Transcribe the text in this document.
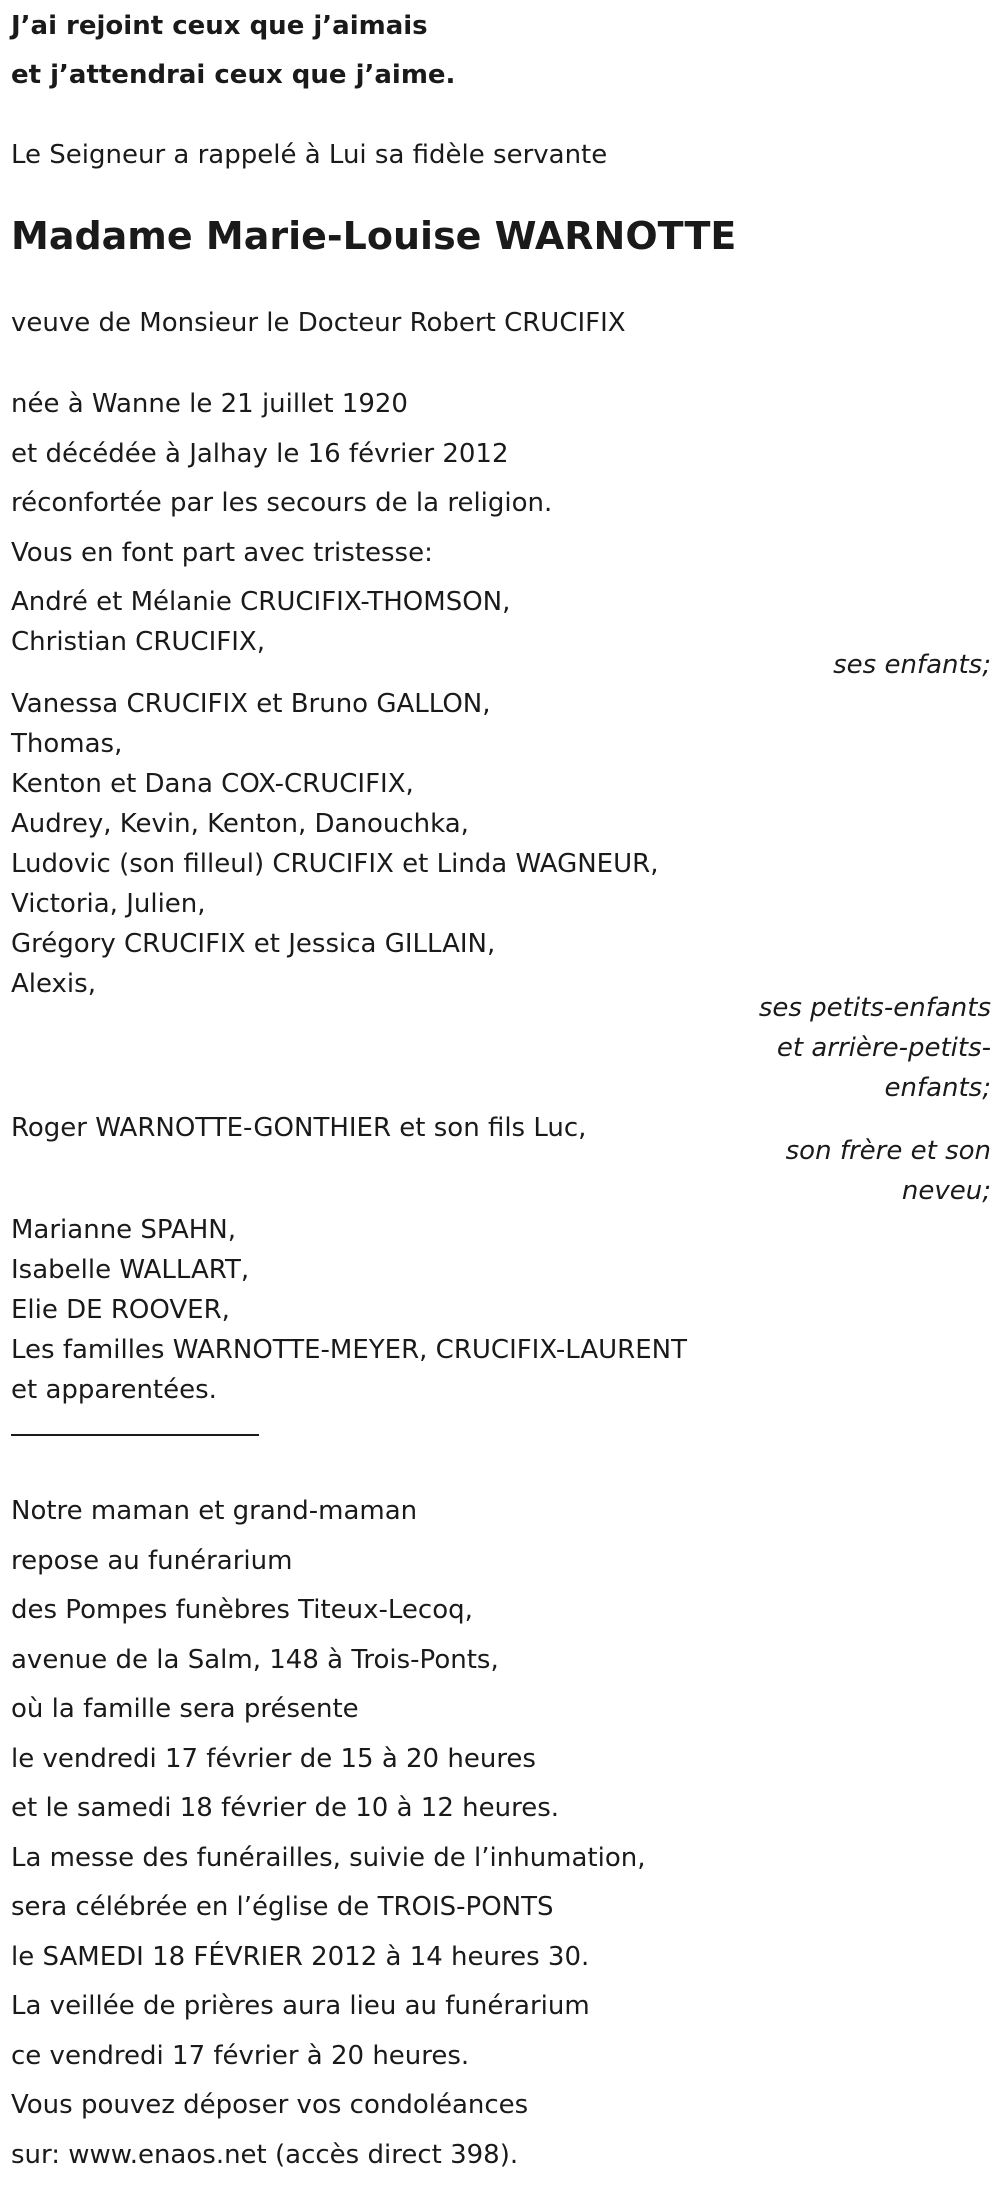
J’ai rejoint ceux que j’aimais
et j’attendrai ceux que j’aime.
Le Seigneur a rappelé à Lui sa fidèle servante
Madame Marie-Louise WARNOTTE
veuve de Monsieur le Docteur Robert CRUCIFIX
née à Wanne le 21 juillet 1920
et décédée à Jalhay le 16 février 2012
réconfortée par les secours de la religion.
Vous en font part avec tristesse:
André et Mélanie CRUCIFIX-THOMSON,
Christian CRUCIFIX,
ses enfants;
Vanessa CRUCIFIX et Bruno GALLON,
Thomas,
Kenton et Dana COX-CRUCIFIX,
Audrey, Kevin, Kenton, Danouchka,
Ludovic (son filleul) CRUCIFIX et Linda WAGNEUR,
Victoria, Julien,
Grégory CRUCIFIX et Jessica GILLAIN,
Alexis,
ses petits-enfants
et arrière-petits-
enfants;
Roger WARNOTTE-GONTHIER et son fils Luc,
son frère et son
neveu;
Marianne SPAHN,
Isabelle WALLART,
Elie DE ROOVER,
Les familles WARNOTTE-MEYER, CRUCIFIX-LAURENT
et apparentées.
Notre maman et grand-maman
repose au funérarium
des Pompes funèbres Titeux-Lecoq,
avenue de la Salm, 148 à Trois-Ponts,
où la famille sera présente
le vendredi 17 février de 15 à 20 heures
et le samedi 18 février de 10 à 12 heures.
La messe des funérailles, suivie de l’inhumation,
sera célébrée en l’église de TROIS-PONTS
le SAMEDI 18 FÉVRIER 2012 à 14 heures 30.
La veillée de prières aura lieu au funérarium
ce vendredi 17 février à 20 heures.
Vous pouvez déposer vos condoléances
sur: www.enaos.net (accès direct 398).
